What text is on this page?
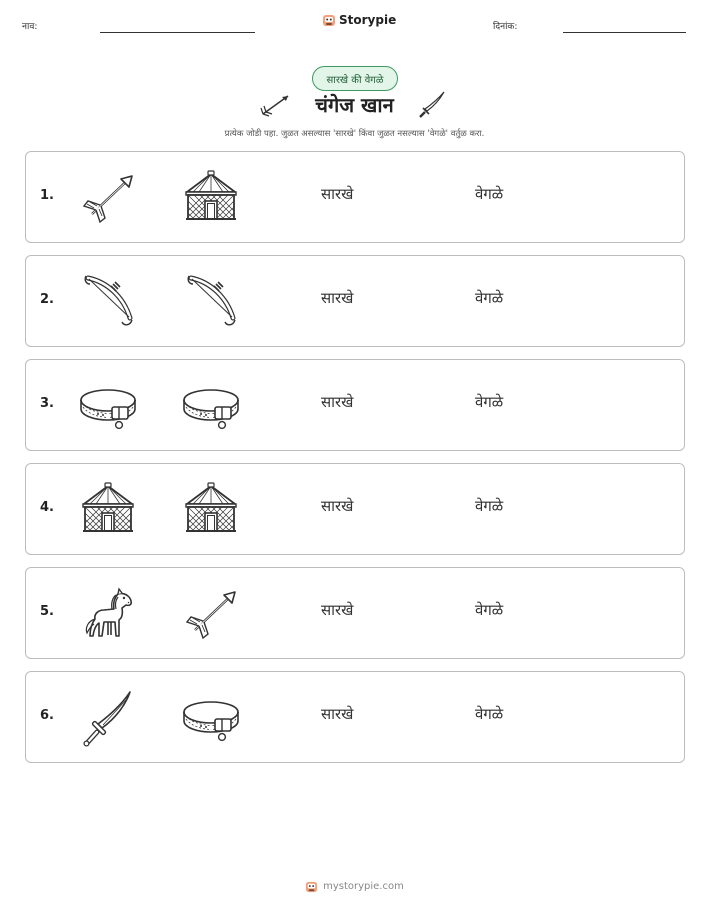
नाव:	Storypie	दिनांक:
सारखे की वेगळे
चंगेज खान
प्रत्येक जोडी पहा. जुळत असल्यास 'सारखे' किंवा जुळत नसल्यास 'वेगळे' वर्तुळ करा.
1.	सारखे	वेगळे
2.	सारखे	वेगळे
3.	सारखे	वेगळे
4.	सारखे	वेगळे
5.	सारखे	वेगळे
6.	सारखे	वेगळे
mystorypie.com
